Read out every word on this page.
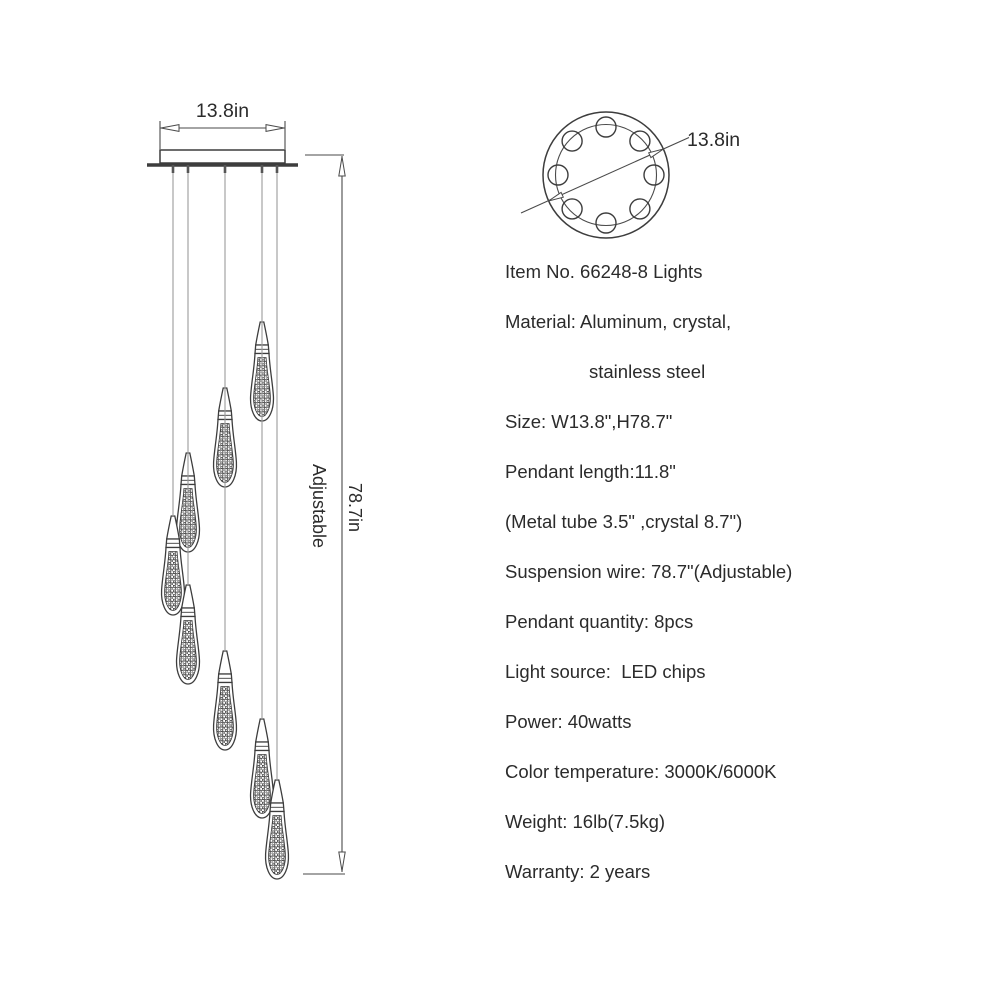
13.8in
13.8in
Adjustable 78.7in
Item No. 66248-8 Lights
Material: Aluminum, crystal,
stainless steel
Size: W13.8",H78.7"
Pendant length:11.8"
(Metal tube 3.5" ,crystal 8.7")
Suspension wire: 78.7"(Adjustable)
Pendant quantity: 8pcs
Light source:  LED chips
Power: 40watts
Color temperature: 3000K/6000K
Weight: 16lb(7.5kg)
Warranty: 2 years
